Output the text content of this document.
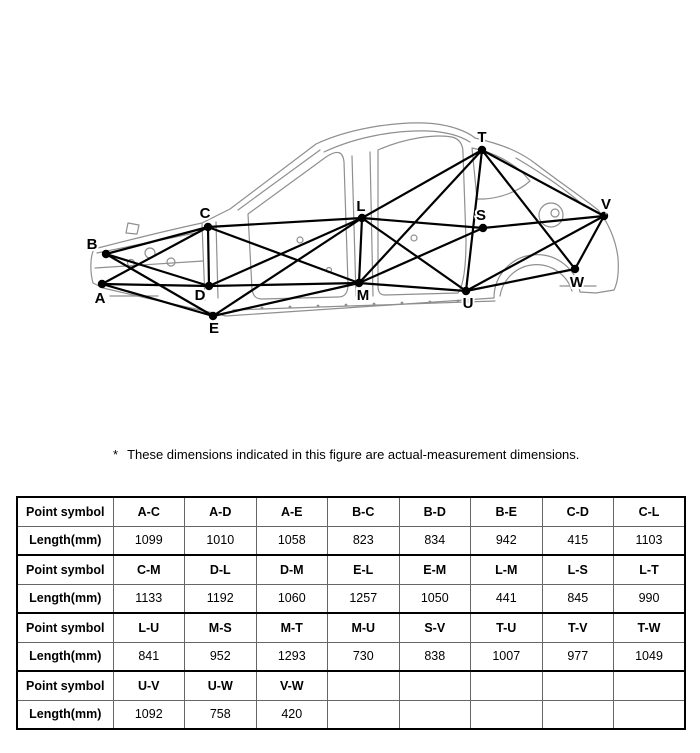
A
B
C
D
E
L
M
S
T
U
V
W
* These dimensions indicated in this figure are actual-measurement dimensions.
Point symbol	A-C	A-D	A-E	B-C	B-D	B-E	C-D	C-L
Length(mm)	1099	1010	1058	823	834	942	415	1103
Point symbol	C-M	D-L	D-M	E-L	E-M	L-M	L-S	L-T
Length(mm)	1133	1192	1060	1257	1050	441	845	990
Point symbol	L-U	M-S	M-T	M-U	S-V	T-U	T-V	T-W
Length(mm)	841	952	1293	730	838	1007	977	1049
Point symbol	U-V	U-W	V-W					
Length(mm)	1092	758	420					
